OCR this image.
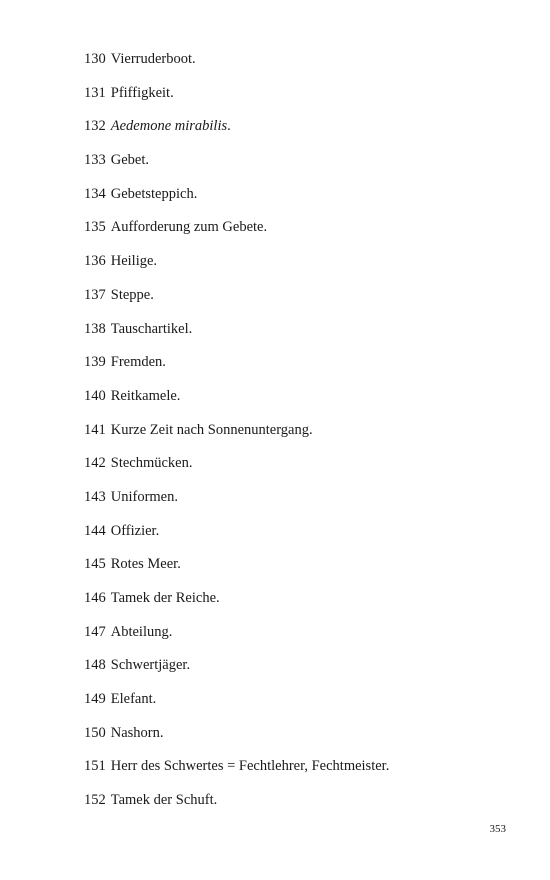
130 Vierruderboot.
131 Pfiffigkeit.
132 Aedemone mirabilis.
133 Gebet.
134 Gebetsteppich.
135 Aufforderung zum Gebete.
136 Heilige.
137 Steppe.
138 Tauschartikel.
139 Fremden.
140 Reitkamele.
141 Kurze Zeit nach Sonnenuntergang.
142 Stechmücken.
143 Uniformen.
144 Offizier.
145 Rotes Meer.
146 Tamek der Reiche.
147 Abteilung.
148 Schwertjäger.
149 Elefant.
150 Nashorn.
151 Herr des Schwertes = Fechtlehrer, Fechtmeister.
152 Tamek der Schuft.
353
